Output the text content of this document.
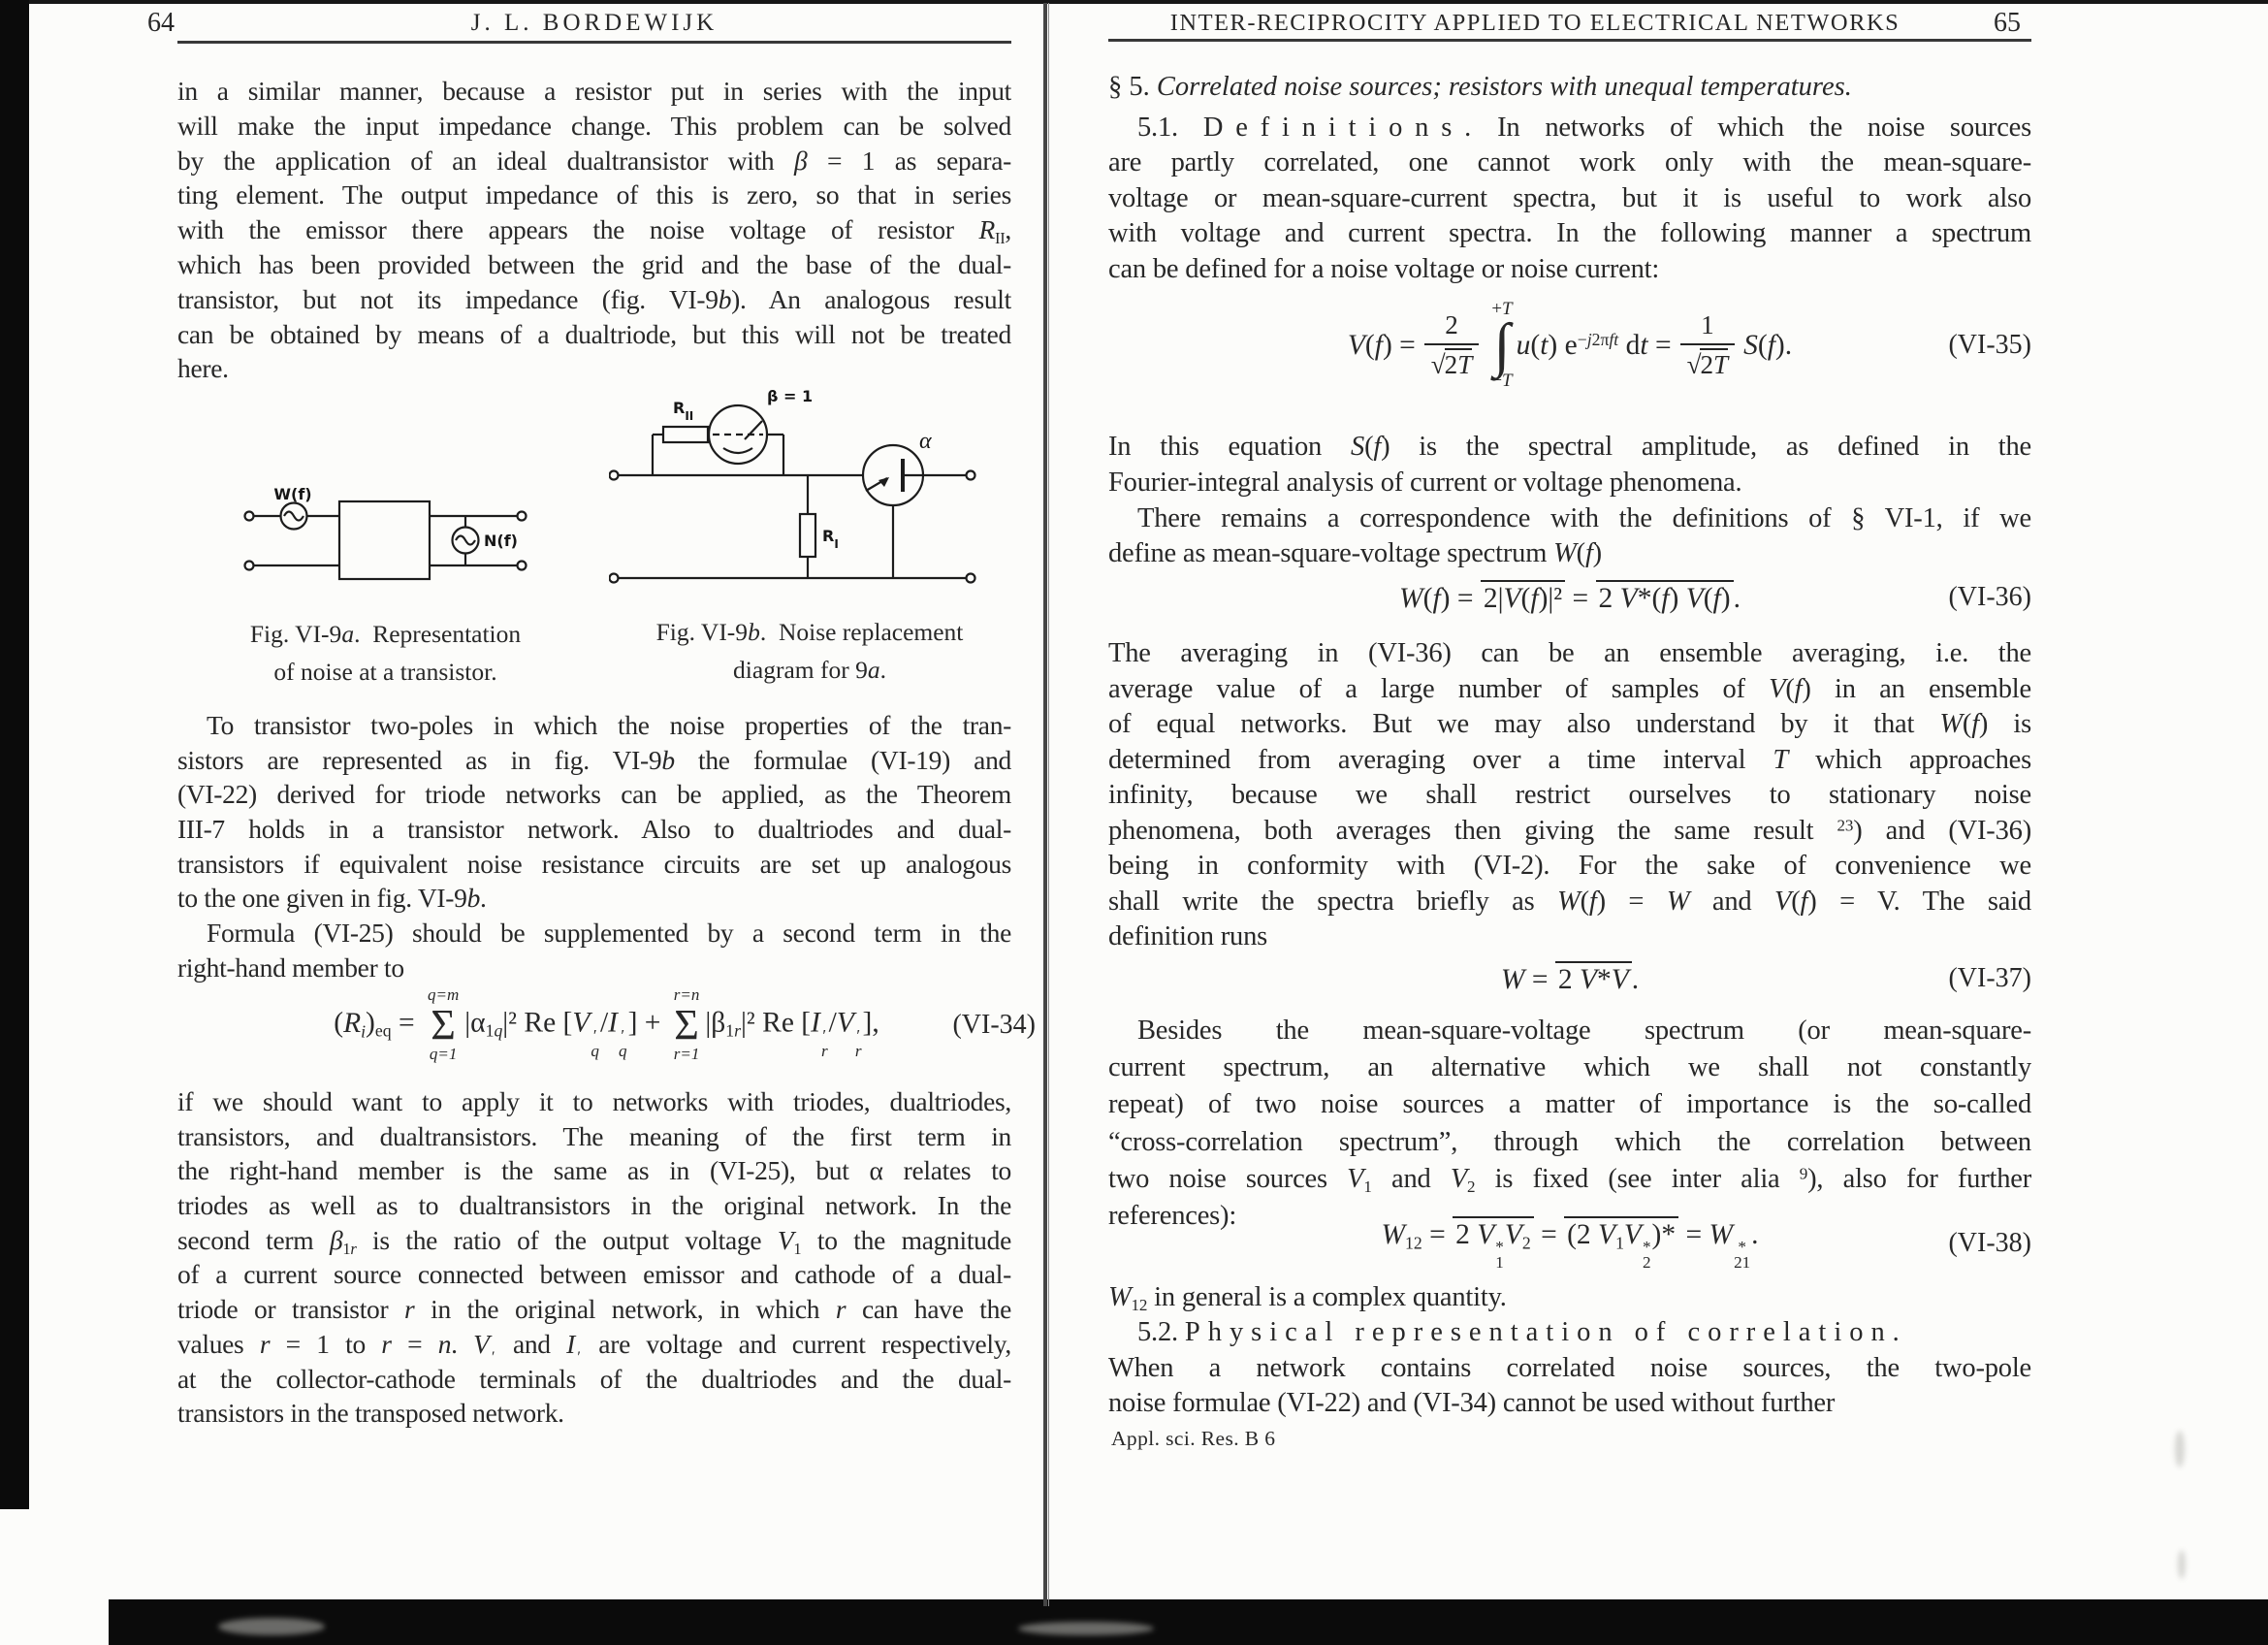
64	J. L. BORDEWIJK
in a similar manner, because a resistor put in series with the input
will make the input impedance change. This problem can be solved
by the application of an ideal dualtransistor with β = 1 as separa-
ting element. The output impedance of this is zero, so that in series
with the emissor there appears the noise voltage of resistor $R_{II}$,
which has been provided between the grid and the base of the dual-
transistor, but not its impedance (fig. VI-9b). An analogous result
can be obtained by means of a dualtriode, but this will not be treated
here.
W(f)
N(f)
Fig. VI-9a. Representation
of noise at a transistor.
$R_{II}$
β = 1
$R_I$
α
Fig. VI-9b. Noise replacement
diagram for 9a.
To transistor two-poles in which the noise properties of the tran-
sistors are represented as in fig. VI-9b the formulae (VI-19) and
(VI-22) derived for triode networks can be applied, as the Theorem
III-7 holds in a transistor network. Also to dualtriodes and dual-
transistors if equivalent noise resistance circuits are set up analogous
to the one given in fig. VI-9b.
Formula (VI-25) should be supplemented by a second term in the
right-hand member to
$(R_i)_{eq}$ =
q=m
Σ
q=1
$|\alpha_{1q}|^2$ Re [V ′
q
/I ′
q
] +
r=n
Σ
r=1
$|\beta_{1r}|^2$ Re [I ′
r
/V ′
r
],	(VI-34)
if we should want to apply it to networks with triodes, dualtriodes,
transistors, and dualtransistors. The meaning of the first term in
the right-hand member is the same as in (VI-25), but α relates to
triodes as well as to dualtransistors in the original network. In the
second term $\beta_{1r}$ is the ratio of the output voltage $V_1$ to the magnitude
of a current source connected between emissor and cathode of a dual-
triode or transistor r in the original network, in which r can have the
values r = 1 to r = n. V ′ and I ′ are voltage and current respectively,
at the collector-cathode terminals of the dualtriodes and the dual-
transistors in the transposed network.
INTER-RECIPROCITY APPLIED TO ELECTRICAL NETWORKS	65
§ 5. Correlated noise sources; resistors with unequal temperatures.
5.1. Definitions. In networks of which the noise sources
are partly correlated, one cannot work only with the mean-square-
voltage or mean-square-current spectra, but it is useful to work also
with voltage and current spectra. In the following manner a spectrum
can be defined for a noise voltage or noise current:
$V(f) = \frac{2}{√2T}$
+T
∫
−T
u(t) $e^{-j2\pi ft}$ dt = $\frac{1}{√2T} S(f)$.	(VI-35)
In this equation S(f) is the spectral amplitude, as defined in the
Fourier-integral analysis of current or voltage phenomena.
There remains a correspondence with the definitions of § VI-1, if we
define as mean-square-voltage spectrum W(f)
W(f) = 2|V(f)|² = 2 V*(f) V(f) .	(VI-36)
The averaging in (VI-36) can be an ensemble averaging, i.e. the
average value of a large number of samples of V(f) in an ensemble
of equal networks. But we may also understand by it that W(f) is
determined from averaging over a time interval T which approaches
infinity, because we shall restrict ourselves to stationary noise
phenomena, both averages then giving the same result $^{23}$) and (VI-36)
being in conformity with (VI-2). For the sake of convenience we
shall write the spectra briefly as W(f) = W and V(f) = V. The said
definition runs
W = 2 V*V .	(VI-37)
Besides the mean-square-voltage spectrum (or mean-square-
current spectrum, an alternative which we shall not constantly
repeat) of two noise sources a matter of importance is the so-called
“cross-correlation spectrum”, through which the correlation between
two noise sources $V_1$ and $V_2$ is fixed (see inter alia $^9$), also for further
references):
$W_{12} = 2$ V *
1
$V_2 = (2$ $V_1V$ *
2
)* = W *
21
.	(VI-38)
$W_{12}$ in general is a complex quantity.
5.2. Physical representation of correlation.
When a network contains correlated noise sources, the two-pole
noise formulae (VI-22) and (VI-34) cannot be used without further
Appl. sci. Res. B 6
